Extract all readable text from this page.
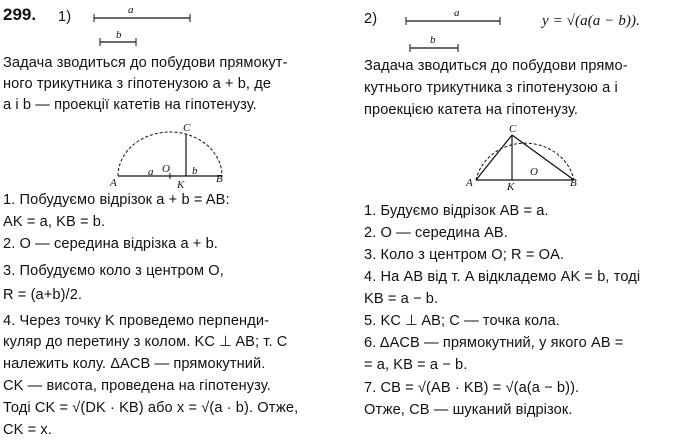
299. 1)	2)
a
b
a
b
y = √(a(a − b)).
Задача зводиться до побудови прямокут-
ного трикутника з гіпотенузою a + b, де
a і b — проекції катетів на гіпотенузу.
C
A	K	B
O
a	b
1. Побудуємо відрізок a + b = AB:
AK = a, KB = b.
2. O — середина відрізка a + b.
3. Побудуємо коло з центром O,
R = (a+b)/2.
4. Через точку K проведемо перпенди-
куляр до перетину з колом. KC ⊥ AB; т. C
належить колу. ΔACB — прямокутний.
CK — висота, проведена на гіпотенузу.
Тоді CK = √(DK · KB) або x = √(a · b). Отже,
CK = x.
Задача зводиться до побудови прямо-
кутнього трикутника з гіпотенузою a і
проекцією катета на гіпотенузу.
C
A	K	B
O
1. Будуємо відрізок AB = a.
2. O — середина AB.
3. Коло з центром O; R = OA.
4. На AB від т. A відкладемо AK = b, тоді
KB = a − b.
5. KC ⊥ AB; C — точка кола.
6. ΔACB — прямокутний, у якого AB =
= a, KB = a − b.
7. CB = √(AB · KB) = √(a(a − b)).
Отже, CB — шуканий відрізок.
